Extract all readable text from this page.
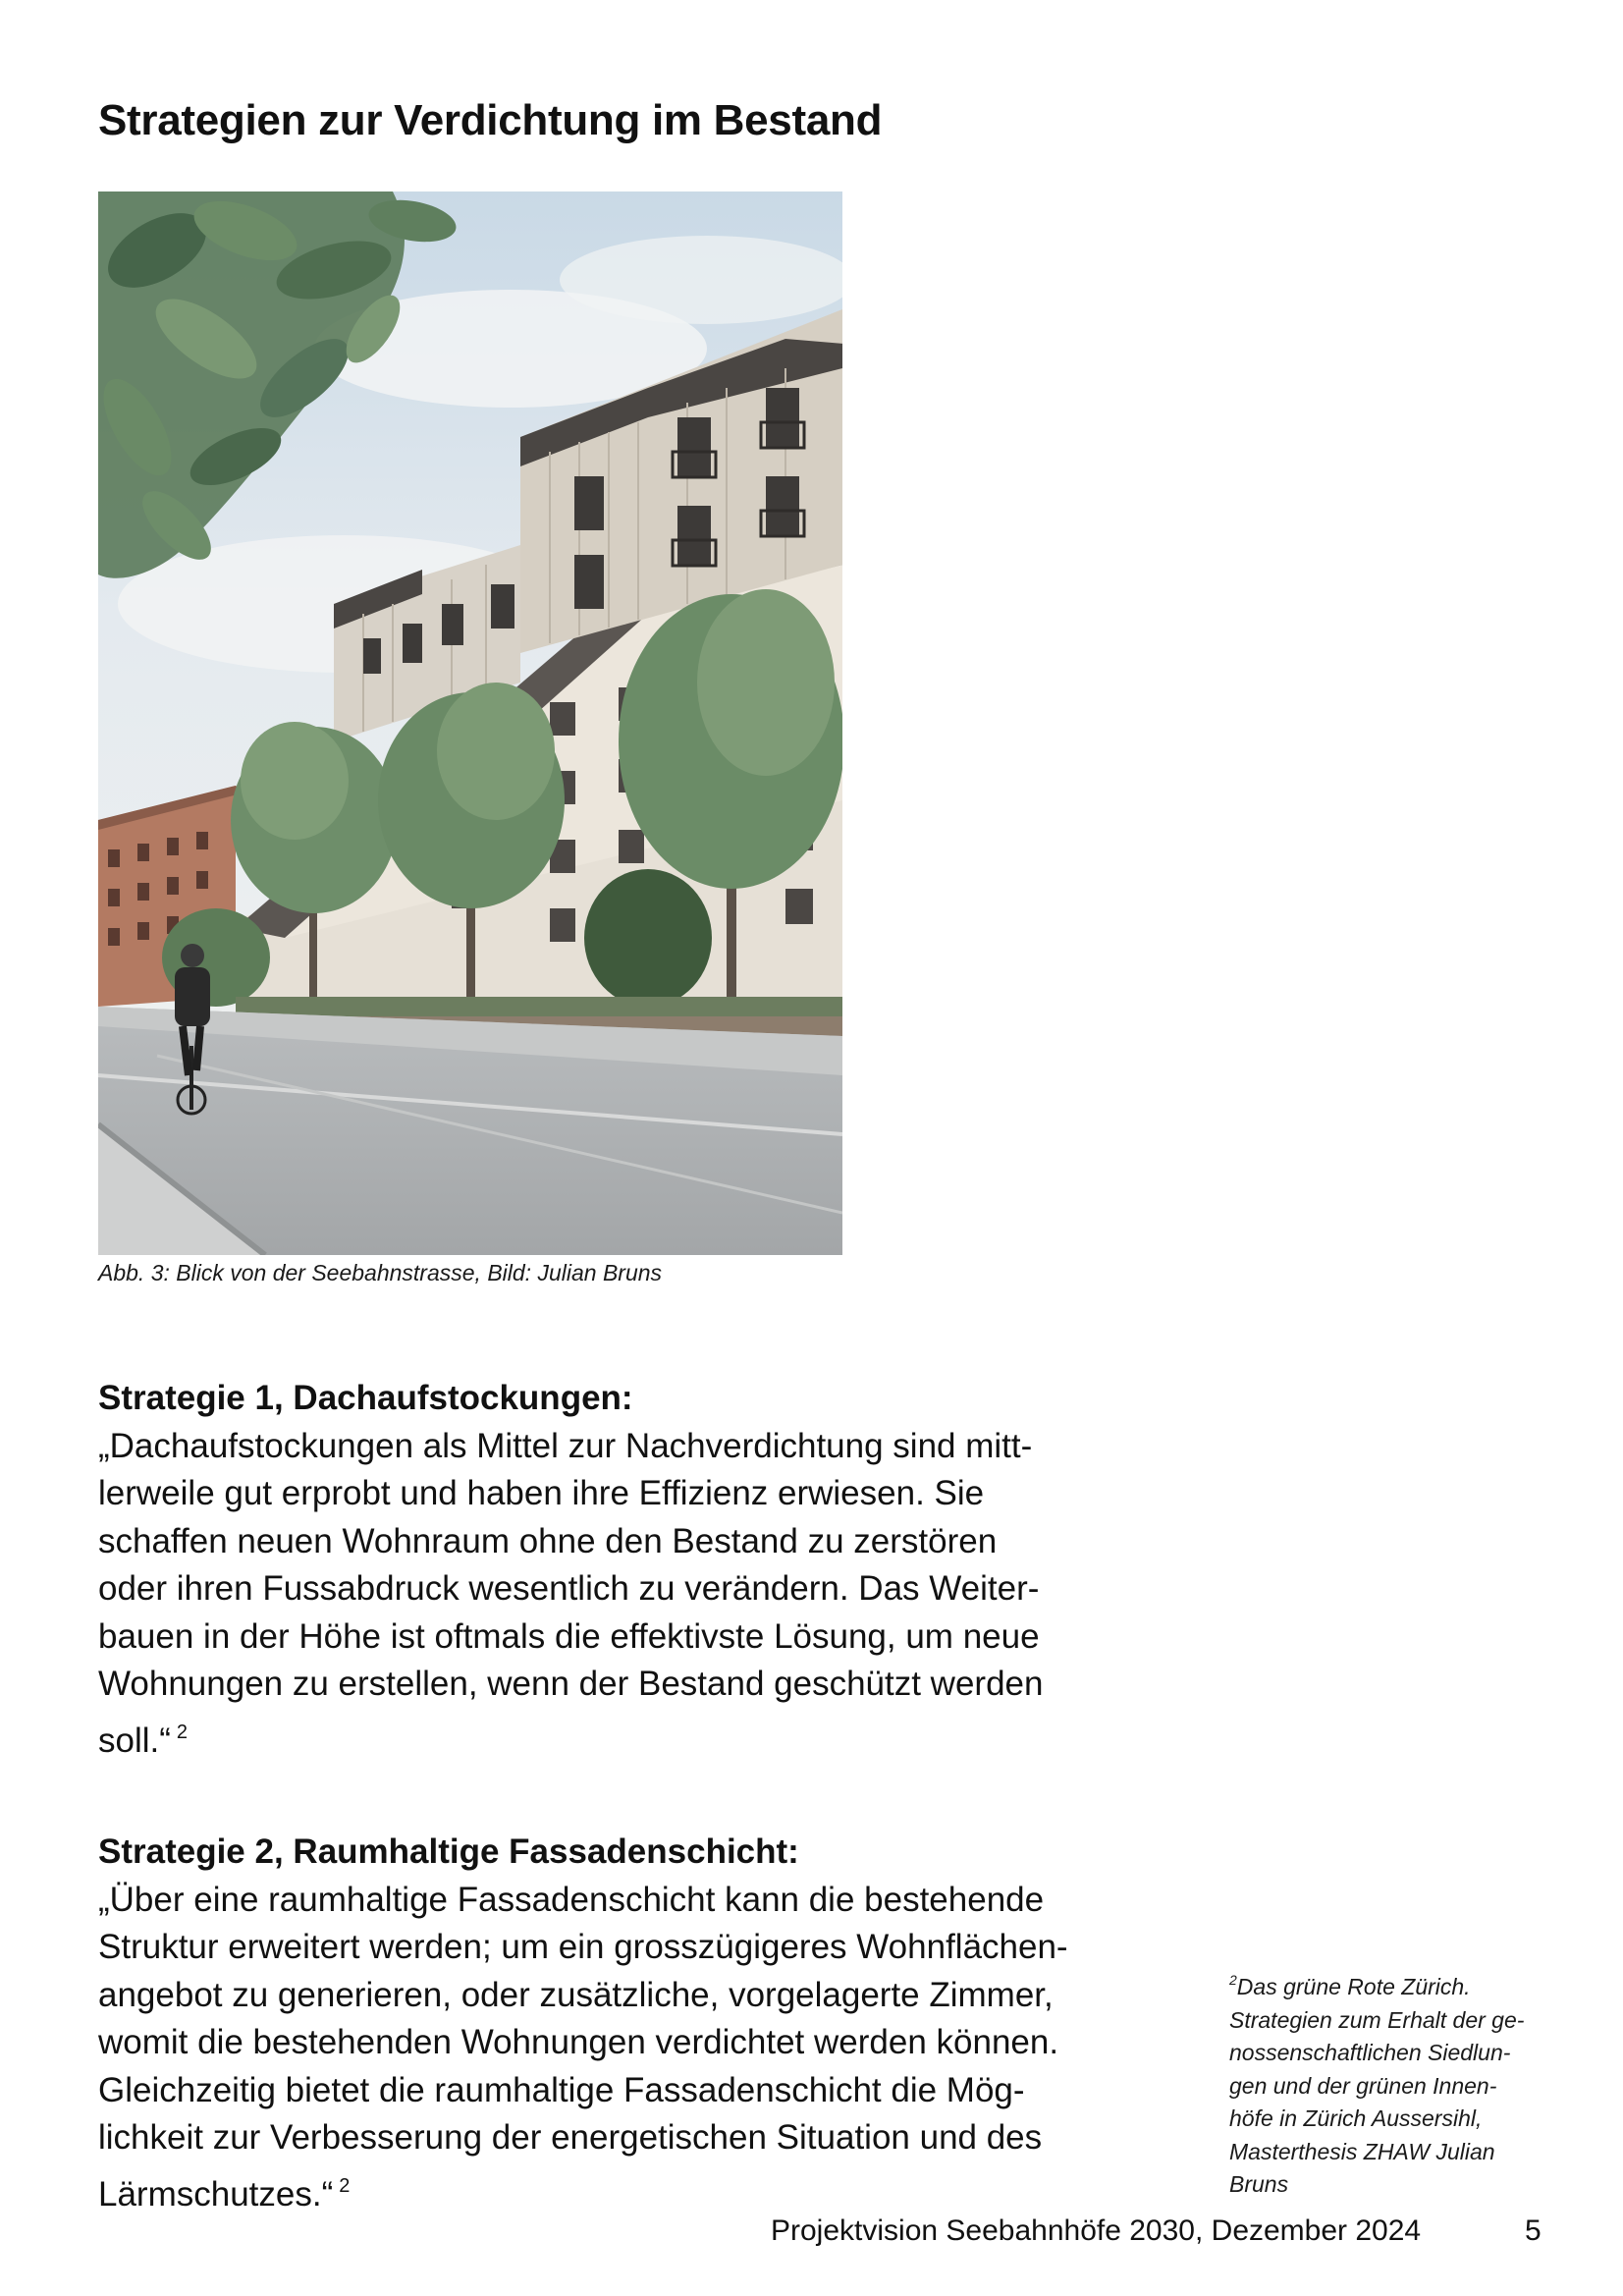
Strategien zur Verdichtung im Bestand
Abb. 3: Blick von der Seebahnstrasse, Bild: Julian Bruns
Strategie 1, Dachaufstockungen:
„Dachaufstockungen als Mittel zur Nachverdichtung sind mitt-
lerweile gut erprobt und haben ihre Effizienz erwiesen. Sie
schaffen neuen Wohnraum ohne den Bestand zu zerstören
oder ihren Fussabdruck wesentlich zu verändern. Das Weiter-
bauen in der Höhe ist oftmals die effektivste Lösung, um neue
Wohnungen zu erstellen, wenn der Bestand geschützt werden
soll.“ $^2$
Strategie 2, Raumhaltige Fassadenschicht:
„Über eine raumhaltige Fassadenschicht kann die bestehende
Struktur erweitert werden; um ein grosszügigeres Wohnflächen-
angebot zu generieren, oder zusätzliche, vorgelagerte Zimmer,
womit die bestehenden Wohnungen verdichtet werden können.
Gleichzeitig bietet die raumhaltige Fassadenschicht die Mög-
lichkeit zur Verbesserung der energetischen Situation und des
Lärmschutzes.“ $^2$
$^2$Das grüne Rote Zürich.
Strategien zum Erhalt der ge-
nossenschaftlichen Siedlun-
gen und der grünen Innen-
höfe in Zürich Aussersihl,
Masterthesis ZHAW Julian
Bruns
Projektvision Seebahnhöfe 2030, Dezember 2024	5
